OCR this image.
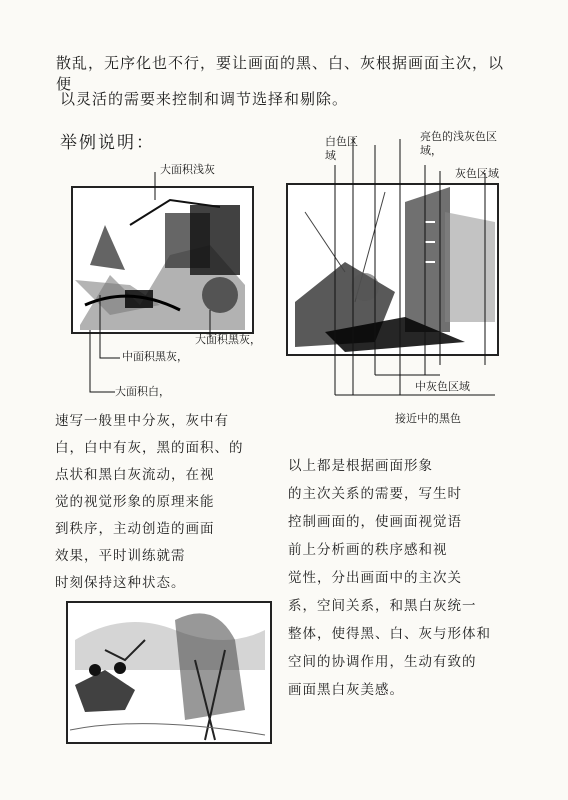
散乱，无序化也不行，要让画面的黑、白、灰根据画面主次，以便
以灵活的需要来控制和调节选择和剔除。
举例说明：
大面积浅灰
大面积黑灰，
中面积黑灰，
大面积白，
白色区域
亮色的浅灰色区域，
灰色区域
中灰色区域
接近中的黑色
速写一般里中分灰，灰中有
白，白中有灰，黑的面积、的
点状和黑白灰流动，在视
觉的视觉形象的原理来能
到秩序，主动创造的画面
效果，平时训练就需
时刻保持这种状态。
以上都是根据画面形象
的主次关系的需要，写生时
控制画面的，使画面视觉语
前上分析画的秩序感和视
觉性，分出画面中的主次关
系，空间关系，和黑白灰统一
整体，使得黑、白、灰与形体和
空间的协调作用，生动有致的
画面黑白灰美感。
